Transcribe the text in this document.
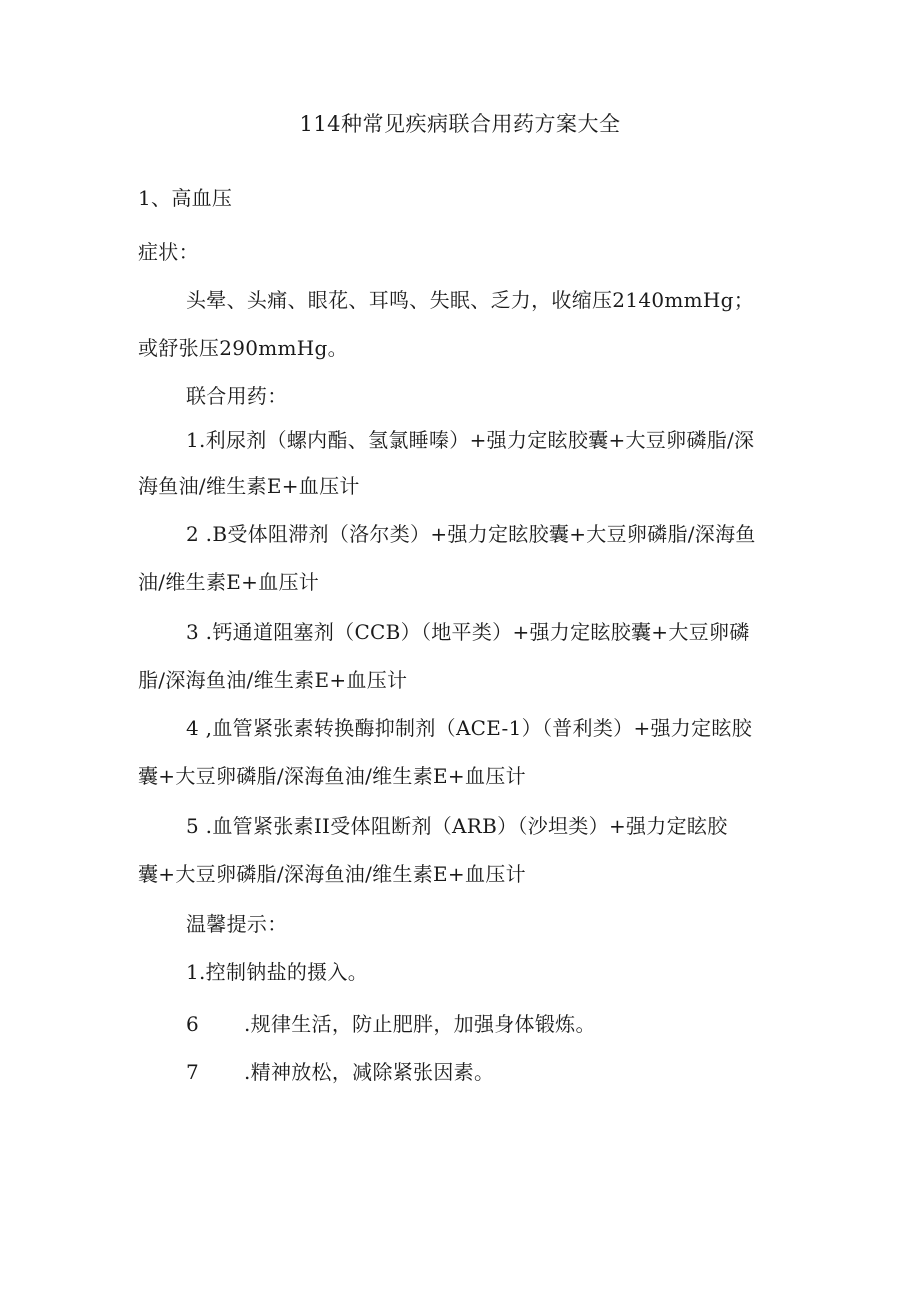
114种常见疾病联合用药方案大全
1、高血压
症状：
头晕、头痛、眼花、耳鸣、失眠、乏力，收缩压2140mmHg；
或舒张压290mmHg。
联合用药：
1.利尿剂（螺内酯、氢氯睡嗪）+强力定眩胶囊+大豆卵磷脂/深
海鱼油/维生素E+血压计
2 .B受体阻滞剂（洛尔类）+强力定眩胶囊+大豆卵磷脂/深海鱼
油/维生素E+血压计
3 .钙通道阻塞剂（CCB）（地平类）+强力定眩胶囊+大豆卵磷
脂/深海鱼油/维生素E+血压计
4 ,血管紧张素转换酶抑制剂（ACE-1）（普利类）+强力定眩胶
囊+大豆卵磷脂/深海鱼油/维生素E+血压计
5 .血管紧张素II受体阻断剂（ARB）（沙坦类）+强力定眩胶
囊+大豆卵磷脂/深海鱼油/维生素E+血压计
温馨提示：
1.控制钠盐的摄入。
6 .规律生活，防止肥胖，加强身体锻炼。
7 .精神放松，减除紧张因素。
